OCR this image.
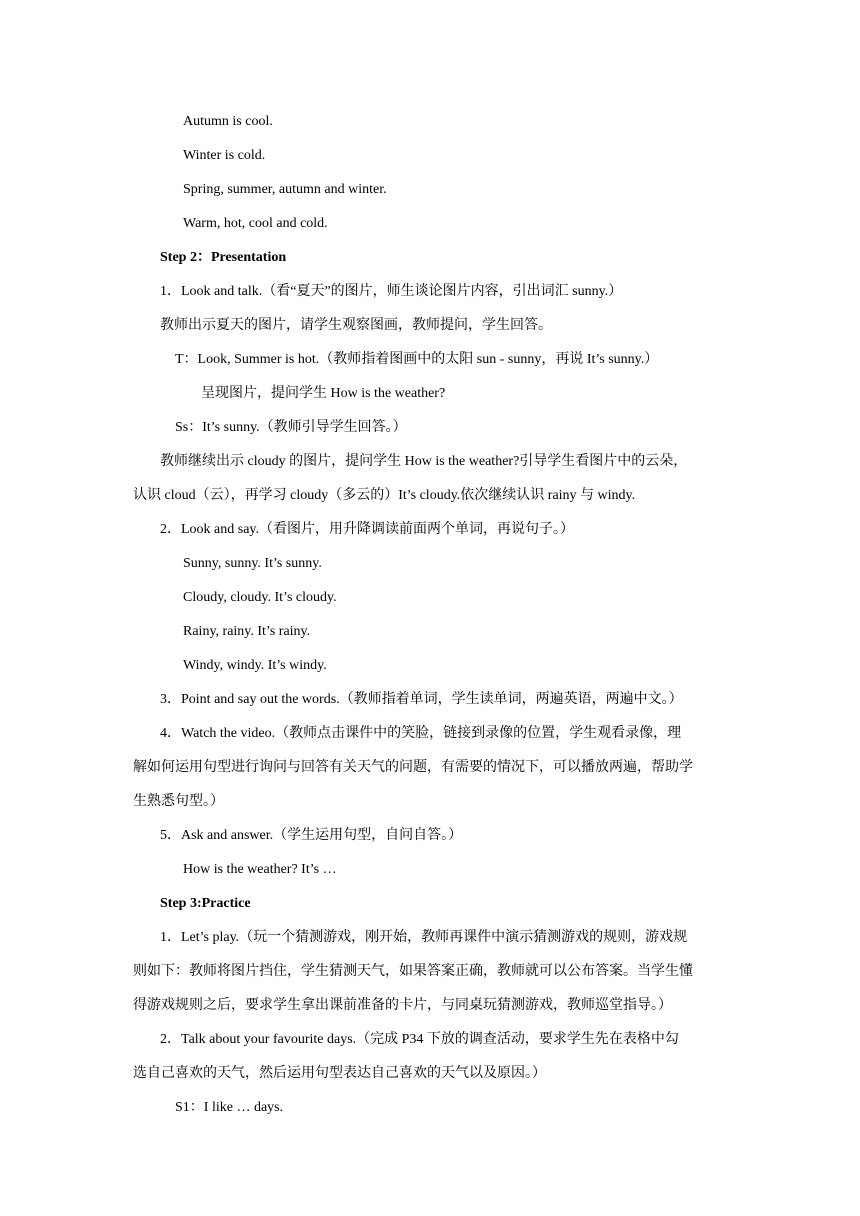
Autumn is cool.
Winter is cold.
Spring, summer, autumn and winter.
Warm, hot, cool and cold.
Step 2：Presentation
1．Look and talk.（看“夏天”的图片，师生谈论图片内容，引出词汇 sunny.）
教师出示夏天的图片，请学生观察图画，教师提问，学生回答。
T：Look, Summer is hot.（教师指着图画中的太阳 sun - sunny，再说 It’s sunny.）
呈现图片，提问学生 How is the weather?
Ss：It’s sunny.（教师引导学生回答。）
教师继续出示 cloudy 的图片，提问学生 How is the weather?引导学生看图片中的云朵，
认识 cloud（云），再学习 cloudy（多云的）It’s cloudy.依次继续认识 rainy 与 windy.
2．Look and say.（看图片，用升降调读前面两个单词，再说句子。）
Sunny, sunny. It’s sunny.
Cloudy, cloudy. It’s cloudy.
Rainy, rainy. It’s rainy.
Windy, windy. It’s windy.
3．Point and say out the words.（教师指着单词，学生读单词，两遍英语，两遍中文。）
4．Watch the video.（教师点击课件中的笑脸，链接到录像的位置，学生观看录像，理
解如何运用句型进行询问与回答有关天气的问题，有需要的情况下，可以播放两遍，帮助学
生熟悉句型。）
5．Ask and answer.（学生运用句型，自问自答。）
How is the weather? It’s …
Step 3:Practice
1．Let’s play.（玩一个猜测游戏，刚开始，教师再课件中演示猜测游戏的规则，游戏规
则如下：教师将图片挡住，学生猜测天气，如果答案正确，教师就可以公布答案。当学生懂
得游戏规则之后，要求学生拿出课前准备的卡片，与同桌玩猜测游戏，教师巡堂指导。）
2．Talk about your favourite days.（完成 P34 下放的调查活动，要求学生先在表格中勾
选自己喜欢的天气，然后运用句型表达自己喜欢的天气以及原因。）
S1：I like … days.
